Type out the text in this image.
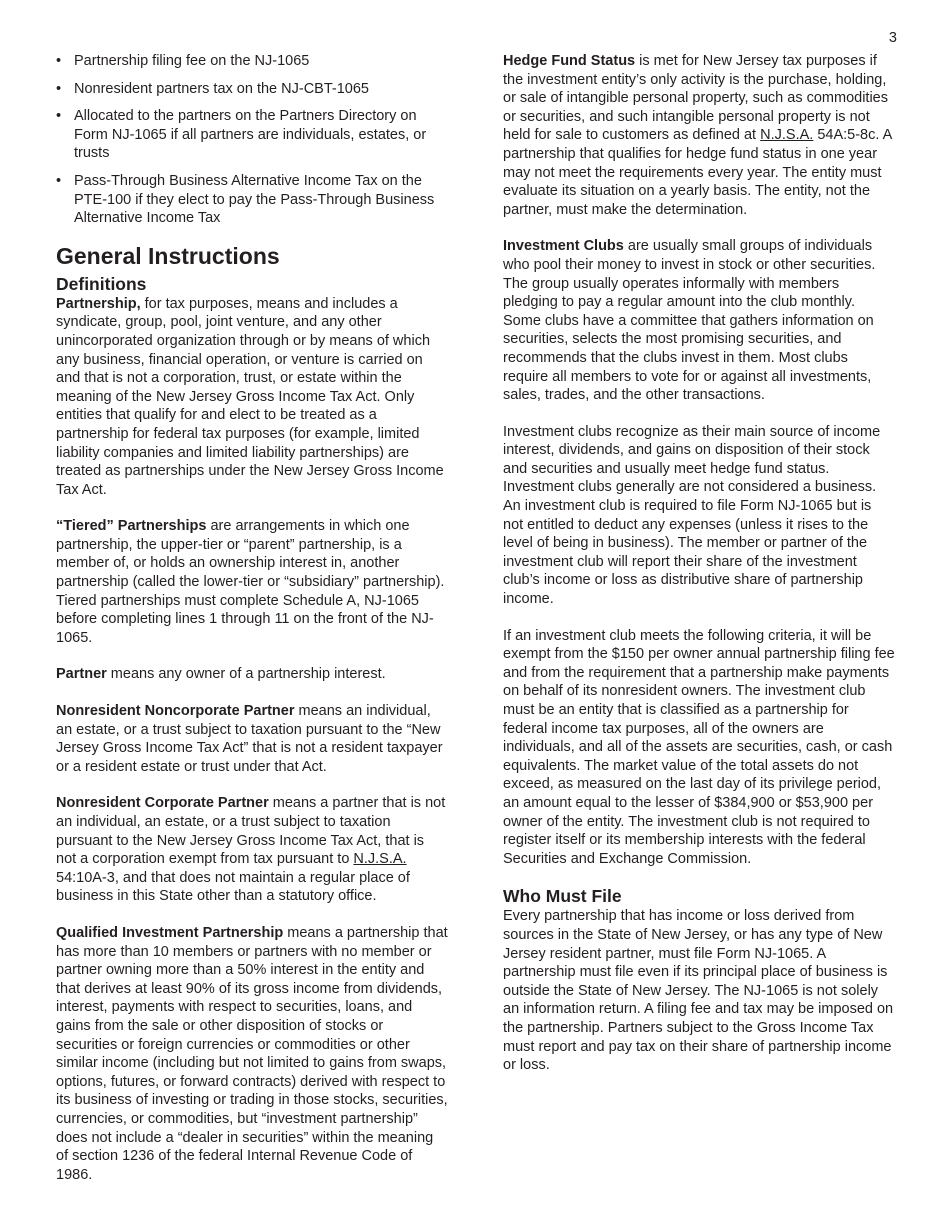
3
• Partnership filing fee on the NJ-1065
• Nonresident partners tax on the NJ-CBT-1065
• Allocated to the partners on the Partners Directory on Form NJ-1065 if all partners are individuals, estates, or trusts
• Pass-Through Business Alternative Income Tax on the PTE-100 if they elect to pay the Pass-Through Business Alternative Income Tax
General Instructions
Definitions

Partnership, for tax purposes, means and includes a syndicate, group, pool, joint venture, and any other unincorporated organization through or by means of which any business, financial operation, or venture is carried on and that is not a corporation, trust, or estate within the meaning of the New Jersey Gross Income Tax Act. Only entities that qualify for and elect to be treated as a partnership for federal tax purposes (for example, limited liability companies and limited liability partnerships) are treated as partnerships under the New Jersey Gross Income Tax Act.

“Tiered” Partnerships are arrangements in which one partnership, the upper-tier or “parent” partnership, is a member of, or holds an ownership interest in, another partnership (called the lower-tier or “subsidiary” partnership). Tiered partnerships must complete Schedule A, NJ-1065 before completing lines 1 through 11 on the front of the NJ-1065.

Partner means any owner of a partnership interest.

Nonresident Noncorporate Partner means an individual, an estate, or a trust subject to taxation pursuant to the “New Jersey Gross Income Tax Act” that is not a resident taxpayer or a resident estate or trust under that Act.

Nonresident Corporate Partner means a partner that is not an individual, an estate, or a trust subject to taxation pursuant to the New Jersey Gross Income Tax Act, that is not a corporation exempt from tax pursuant to N.J.S.A. 54:10A-3, and that does not maintain a regular place of business in this State other than a statutory office.

Qualified Investment Partnership means a partnership that has more than 10 members or partners with no member or partner owning more than a 50% interest in the entity and that derives at least 90% of its gross income from dividends, interest, payments with respect to securities, loans, and gains from the sale or other disposition of stocks or securities or foreign currencies or commodities or other similar income (including but not limited to gains from swaps, options, futures, or forward contracts) derived with respect to its business of investing or trading in those stocks, securities, currencies, or commodities, but “investment partnership” does not include a “dealer in securities” within the meaning of section 1236 of the federal Internal Revenue Code of 1986.

Hedge Fund Status is met for New Jersey tax purposes if the investment entity’s only activity is the purchase, holding, or sale of intangible personal property, such as commodities or securities, and such intangible personal property is not held for sale to customers as defined at N.J.S.A. 54A:5-8c. A partnership that qualifies for hedge fund status in one year may not meet the requirements every year. The entity must evaluate its situation on a yearly basis. The entity, not the partner, must make the determination.

Investment Clubs are usually small groups of individuals who pool their money to invest in stock or other securities. The group usually operates informally with members pledging to pay a regular amount into the club monthly. Some clubs have a committee that gathers information on securities, selects the most promising securities, and recommends that the clubs invest in them. Most clubs require all members to vote for or against all investments, sales, trades, and the other transactions.

Investment clubs recognize as their main source of income interest, dividends, and gains on disposition of their stock and securities and usually meet hedge fund status. Investment clubs generally are not considered a business. An investment club is required to file Form NJ-1065 but is not entitled to deduct any expenses (unless it rises to the level of being in business). The member or partner of the investment club will report their share of the investment club’s income or loss as distributive share of partnership income.

If an investment club meets the following criteria, it will be exempt from the $150 per owner annual partnership filing fee and from the requirement that a partnership make payments on behalf of its nonresident owners. The investment club must be an entity that is classified as a partnership for federal income tax purposes, all of the owners are individuals, and all of the assets are securities, cash, or cash equivalents. The market value of the total assets do not exceed, as measured on the last day of its privilege period, an amount equal to the lesser of $384,900 or $53,900 per owner of the entity. The investment club is not required to register itself or its membership interests with the federal Securities and Exchange Commission.

Who Must File

Every partnership that has income or loss derived from sources in the State of New Jersey, or has any type of New Jersey resident partner, must file Form NJ-1065. A partnership must file even if its principal place of business is outside the State of New Jersey. The NJ-1065 is not solely an information return. A filing fee and tax may be imposed on the partnership. Partners subject to the Gross Income Tax must report and pay tax on their share of partnership income or loss.
